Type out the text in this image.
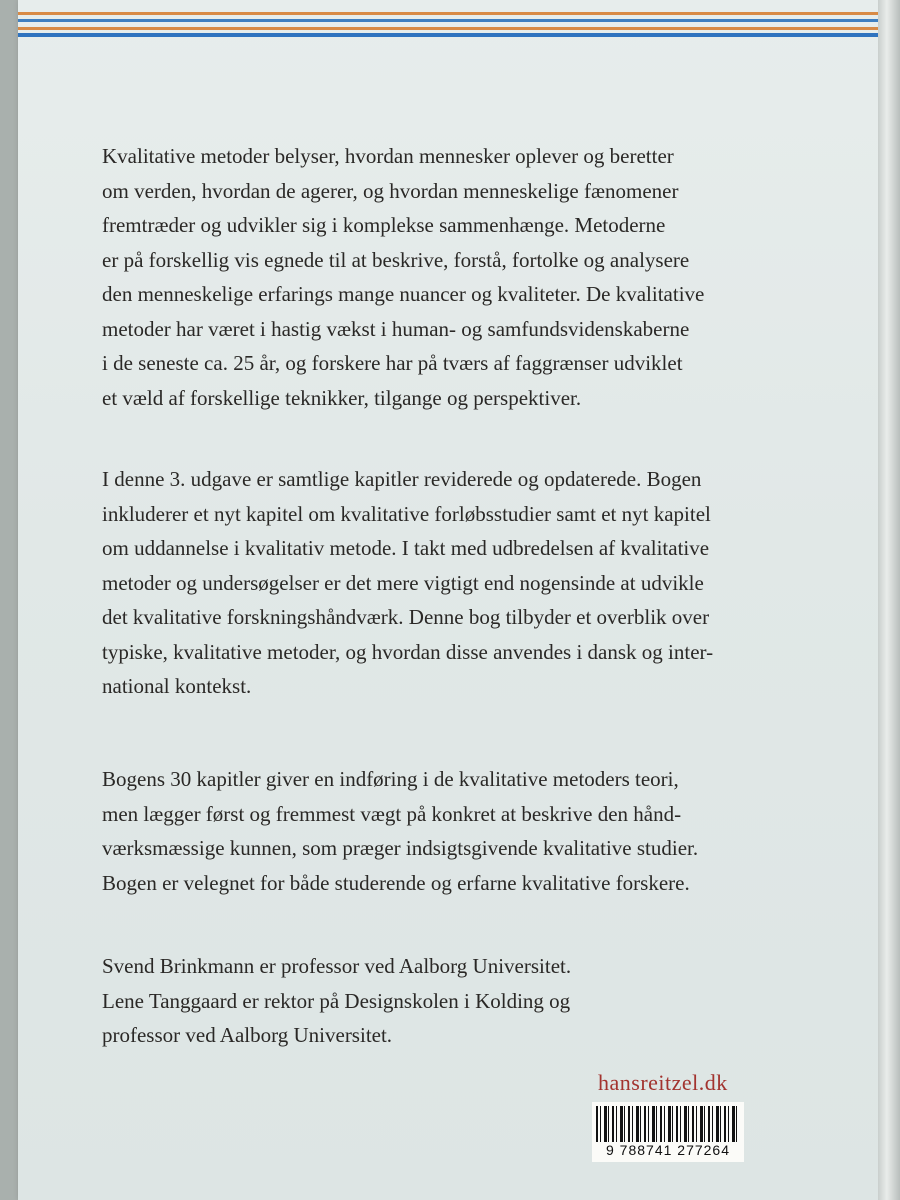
Kvalitative metoder belyser, hvordan mennesker oplever og beretter
om verden, hvordan de agerer, og hvordan menneskelige fænomener
fremtræder og udvikler sig i komplekse sammenhænge. Metoderne
er på forskellig vis egnede til at beskrive, forstå, fortolke og analysere
den menneskelige erfarings mange nuancer og kvaliteter. De kvalitative
metoder har været i hastig vækst i human- og samfundsvidenskaberne
i de seneste ca. 25 år, og forskere har på tværs af faggrænser udviklet
et væld af forskellige teknikker, tilgange og perspektiver.

I denne 3. udgave er samtlige kapitler reviderede og opdaterede. Bogen
inkluderer et nyt kapitel om kvalitative forløbsstudier samt et nyt kapitel
om uddannelse i kvalitativ metode. I takt med udbredelsen af kvalitative
metoder og undersøgelser er det mere vigtigt end nogensinde at udvikle
det kvalitative forskningshåndværk. Denne bog tilbyder et overblik over
typiske, kvalitative metoder, og hvordan disse anvendes i dansk og inter-
national kontekst.

Bogens 30 kapitler giver en indføring i de kvalitative metoders teori,
men lægger først og fremmest vægt på konkret at beskrive den hånd-
værksmæssige kunnen, som præger indsigtsgivende kvalitative studier.
Bogen er velegnet for både studerende og erfarne kvalitative forskere.

Svend Brinkmann er professor ved Aalborg Universitet.
Lene Tanggaard er rektor på Designskolen i Kolding og
professor ved Aalborg Universitet.

hansreitzel.dk
9 788741 277264
